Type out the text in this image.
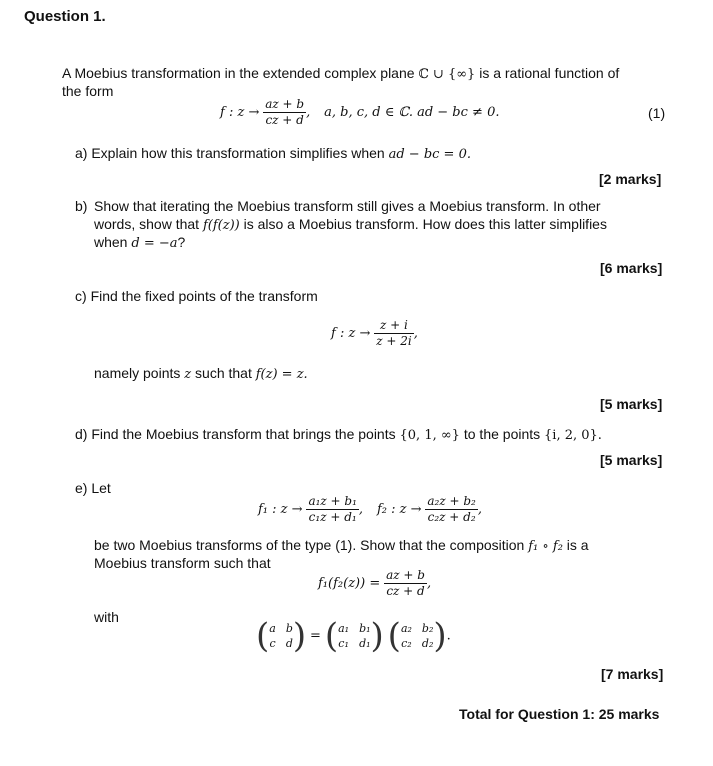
Question 1.
A Moebius transformation in the extended complex plane ℂ ∪ {∞} is a rational function of
the form
f : $z \to \frac{az + b}{cz + d}$ , a, b, c, d ∈ ℂ. ad − bc ≠ 0.	(1)
a) Explain how this transformation simplifies when ad − bc = 0.
[2 marks]
b) Show that iterating the Moebius transform still gives a Moebius transform. In other
words, show that f(f(z)) is also a Moebius transform. How does this latter simplifies
when d = −a?
[6 marks]
c) Find the fixed points of the transform
f : $z \to \frac{z + i}{z + 2i}$ ,
namely points z such that f(z) = z.
[5 marks]
d) Find the Moebius transform that brings the points {0, 1, ∞} to the points {i, 2, 0}.
[5 marks]
e) Let
f₁ : $z \to \frac{\text{a₁z + b₁}}{\text{c₁z + d₁}}$ , f₂ : $z \to \frac{\text{a₂z + b₂}}{\text{c₂z + d₂}}$ ,
be two Moebius transforms of the type (1). Show that the composition f₁ ∘ f₂ is a
Moebius transform such that
$f_1(f_2(z)) = \frac{az + b}{cz + d}$ ,
with	( a b
c d ) = ( a₁ b₁
c₁ d₁ ) ( a₂ b₂
c₂ d₂ ).
[7 marks]
Total for Question 1: 25 marks
